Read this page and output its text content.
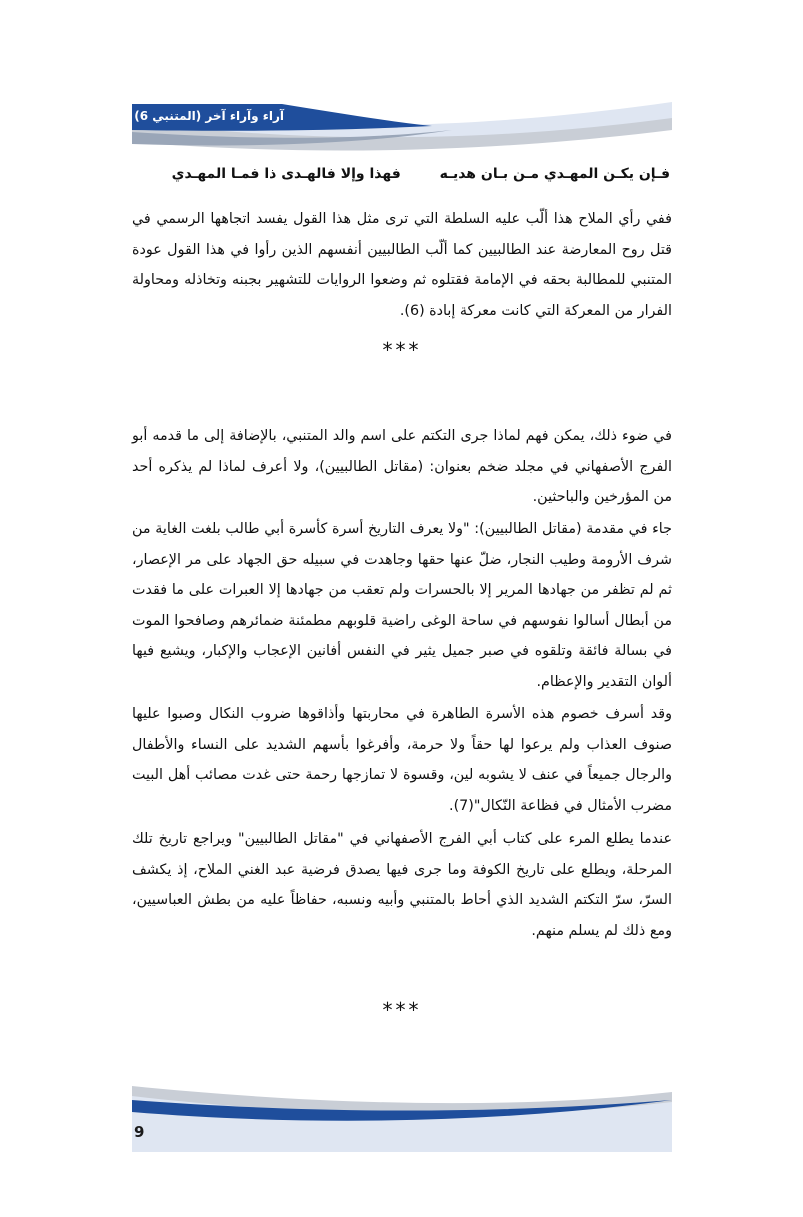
آراء وآراء آخر (المتنبي 6)
فـإن يكـن المهـدي مـن بـان هديـه فهذا وإلا فالهـدى ذا فمـا المهـدي

ففي رأي الملاح هذا ألّب عليه السلطة التي ترى مثل هذا القول يفسد اتجاهها الرسمي في قتل روح المعارضة عند الطالبيين كما ألّب الطالبيين أنفسهم الذين رأوا في هذا القول عودة المتنبي للمطالبة بحقه في الإمامة فقتلوه ثم وضعوا الروايات للتشهير بجبنه وتخاذله ومحاولة الفرار من المعركة التي كانت معركة إبادة (6).

***

في ضوء ذلك، يمكن فهم لماذا جرى التكتم على اسم والد المتنبي، بالإضافة إلى ما قدمه أبو الفرج الأصفهاني في مجلد ضخم بعنوان: (مقاتل الطالبيين)، ولا أعرف لماذا لم يذكره أحد من المؤرخين والباحثين.

جاء في مقدمة (مقاتل الطالبيين): "ولا يعرف التاريخ أسرة كأسرة أبي طالب بلغت الغاية من شرف الأرومة وطيب النجار، ضلّ عنها حقها وجاهدت في سبيله حق الجهاد على مر الإعصار، ثم لم تظفر من جهادها المرير إلا بالحسرات ولم تعقب من جهادها إلا العبرات على ما فقدت من أبطال أسالوا نفوسهم في ساحة الوغى راضية قلوبهم مطمئنة ضمائرهم وصافحوا الموت في بسالة فائقة وتلقوه في صبر جميل يثير في النفس أفانين الإعجاب والإكبار، ويشيع فيها ألوان التقدير والإعظام.

وقد أسرف خصوم هذه الأسرة الطاهرة في محاربتها وأذاقوها ضروب النكال وصبوا عليها صنوف العذاب ولم يرعوا لها حقاً ولا حرمة، وأفرغوا بأسهم الشديد على النساء والأطفال والرجال جميعاً في عنف لا يشوبه لين، وقسوة لا تمازجها رحمة حتى غدت مصائب أهل البيت مضرب الأمثال في فظاعة النّكال"(7).

عندما يطلع المرء على كتاب أبي الفرج الأصفهاني في "مقاتل الطالبيين" ويراجع تاريخ تلك المرحلة، ويطلع على تاريخ الكوفة وما جرى فيها يصدق فرضية عبد الغني الملاح، إذ يكشف السرّ، سرّ التكتم الشديد الذي أحاط بالمتنبي وأبيه ونسبه، حفاظاً عليه من بطش العباسيين، ومع ذلك لم يسلم منهم.

***
9
